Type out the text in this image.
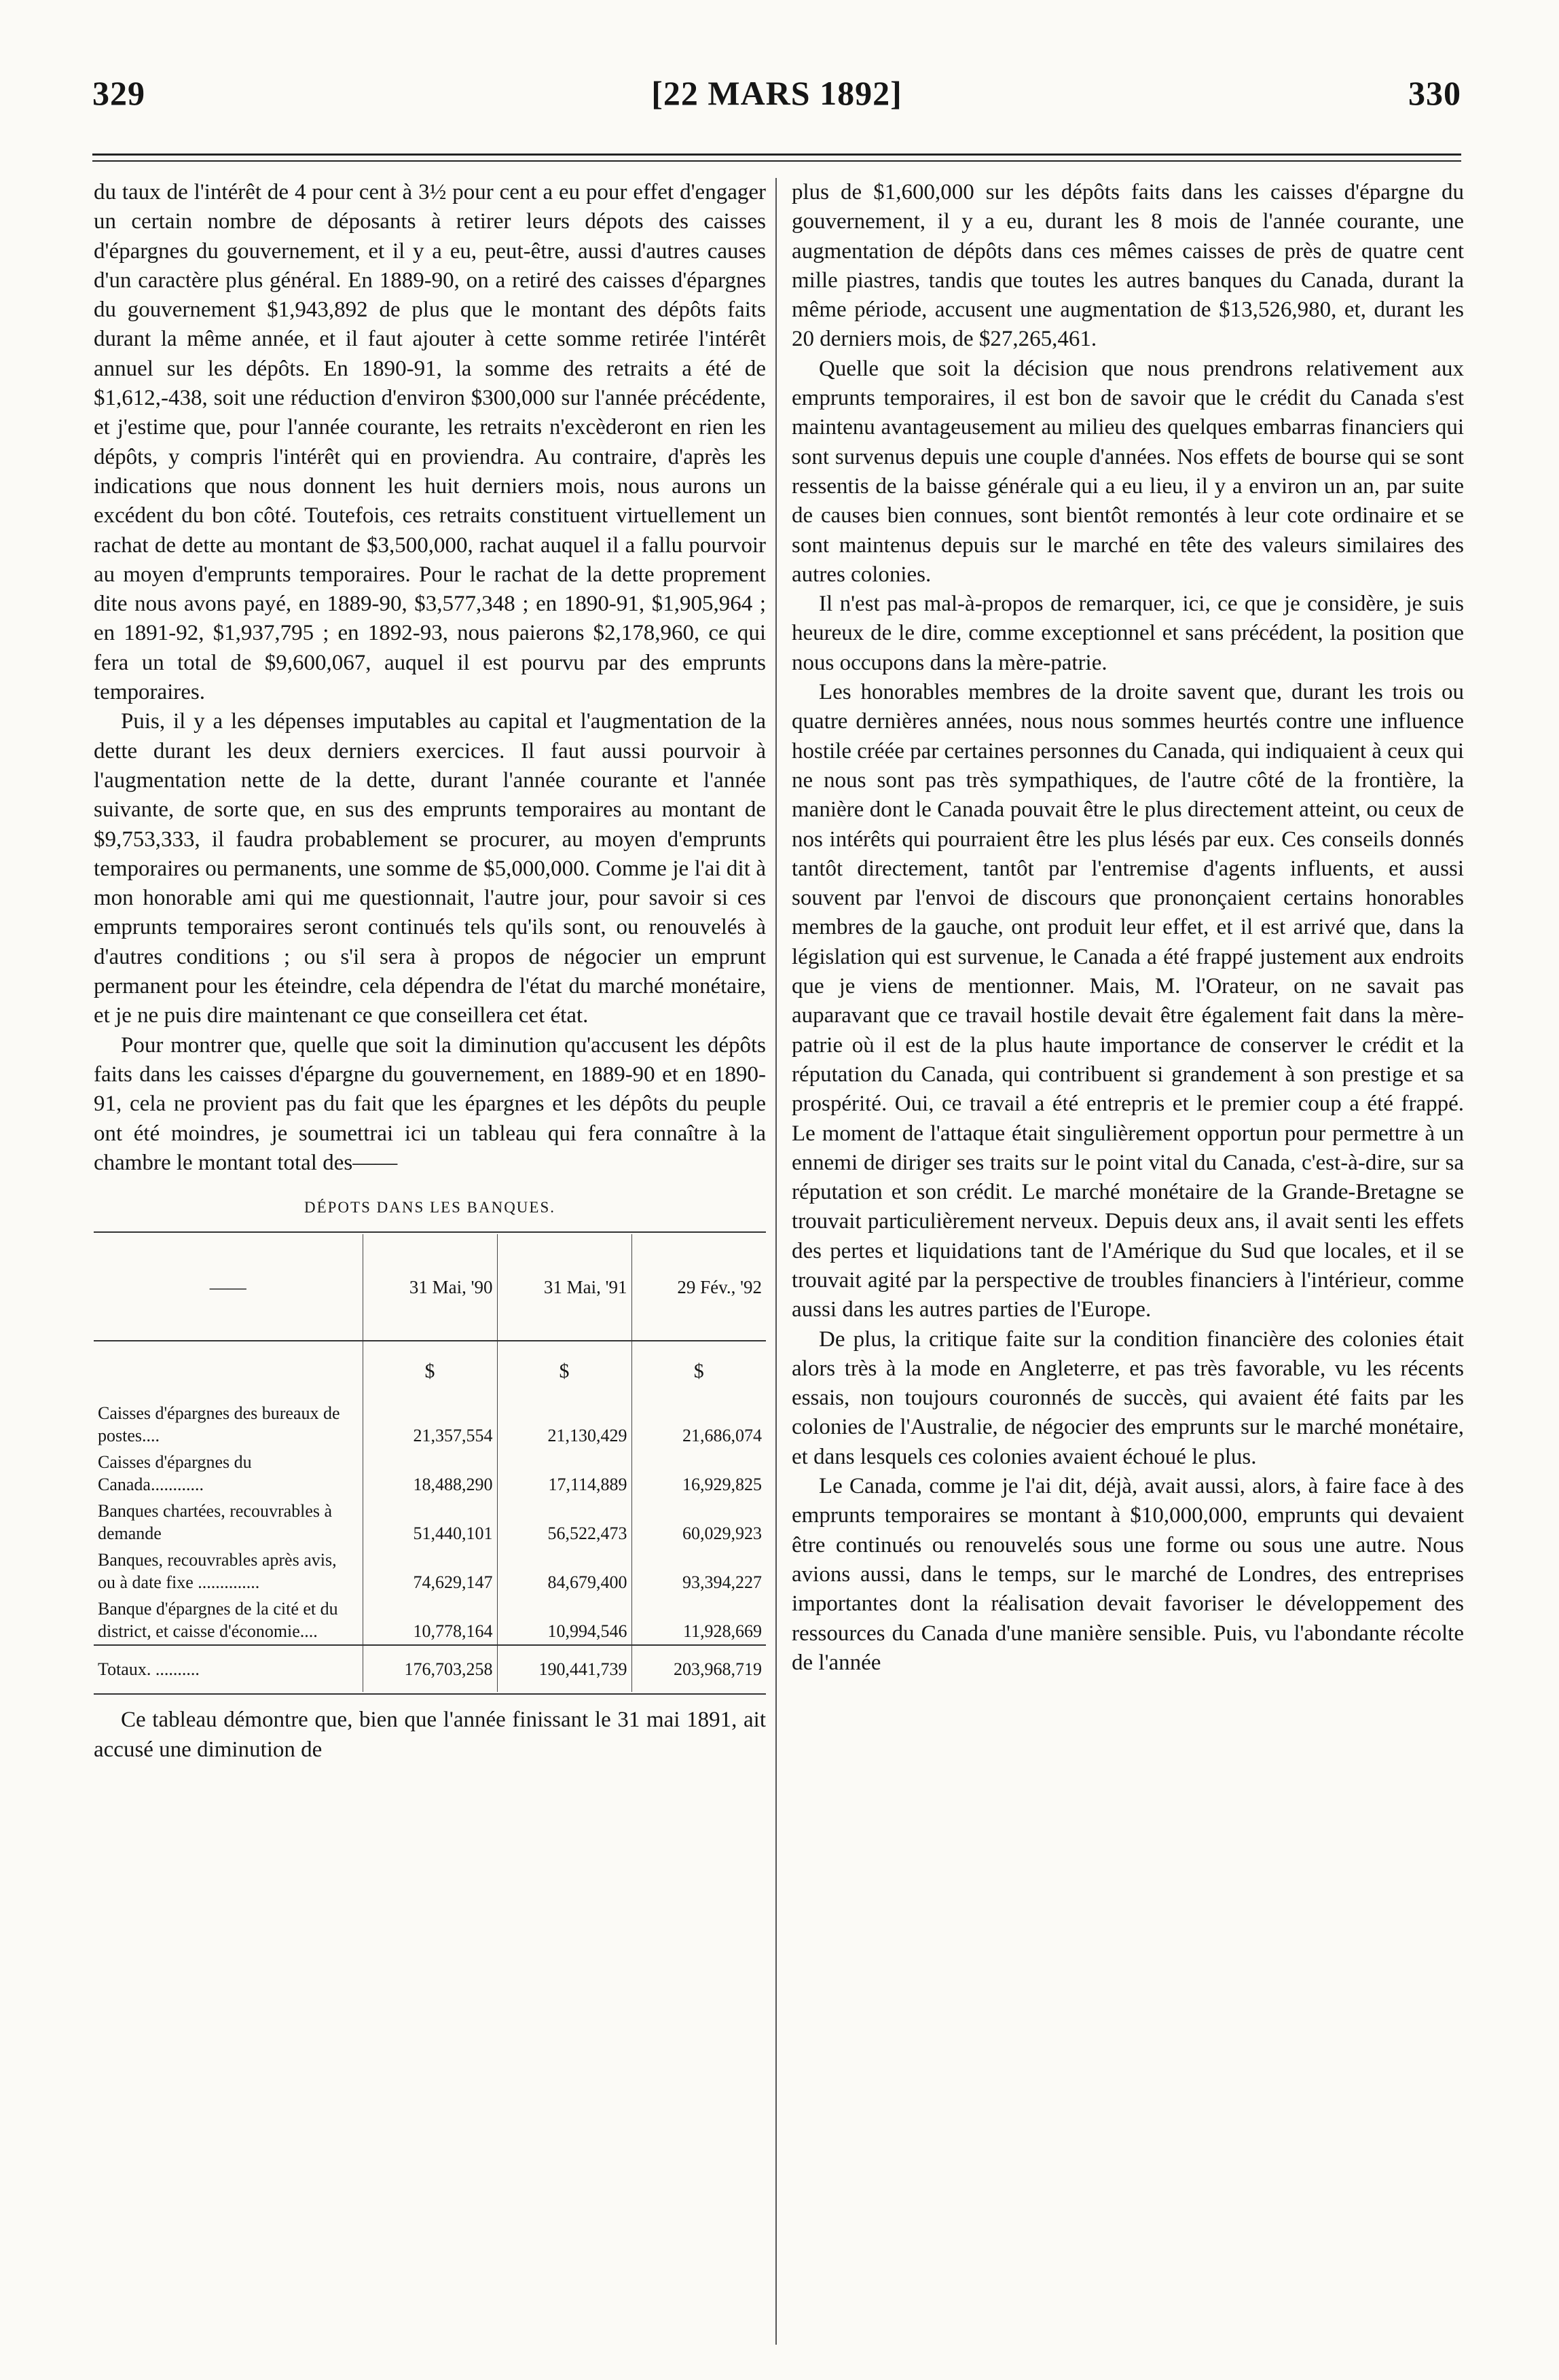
329	[22 MARS 1892]	330

du taux de l'intérêt de 4 pour cent à 3½ pour cent a eu pour effet d'engager un certain nombre de déposants à retirer leurs dépots des caisses d'épargnes du gouvernement, et il y a eu, peut-être, aussi d'autres causes d'un caractère plus général. En 1889-90, on a retiré des caisses d'épargnes du gouvernement $1,943,892 de plus que le montant des dépôts faits durant la même année, et il faut ajouter à cette somme retirée l'intérêt annuel sur les dépôts. En 1890-91, la somme des retraits a été de $1,612,-438, soit une réduction d'environ $300,000 sur l'année précédente, et j'estime que, pour l'année courante, les retraits n'excèderont en rien les dépôts, y compris l'intérêt qui en proviendra. Au contraire, d'après les indications que nous donnent les huit derniers mois, nous aurons un excédent du bon côté. Toutefois, ces retraits constituent virtuellement un rachat de dette au montant de $3,500,000, rachat auquel il a fallu pourvoir au moyen d'emprunts temporaires. Pour le rachat de la dette proprement dite nous avons payé, en 1889-90, $3,577,348 ; en 1890-91, $1,905,964 ; en 1891-92, $1,937,795 ; en 1892-93, nous paierons $2,178,960, ce qui fera un total de $9,600,067, auquel il est pourvu par des emprunts temporaires.

Puis, il y a les dépenses imputables au capital et l'augmentation de la dette durant les deux derniers exercices. Il faut aussi pourvoir à l'augmentation nette de la dette, durant l'année courante et l'année suivante, de sorte que, en sus des emprunts temporaires au montant de $9,753,333, il faudra probablement se procurer, au moyen d'emprunts temporaires ou permanents, une somme de $5,000,000. Comme je l'ai dit à mon honorable ami qui me questionnait, l'autre jour, pour savoir si ces emprunts temporaires seront continués tels qu'ils sont, ou renouvelés à d'autres conditions ; ou s'il sera à propos de négocier un emprunt permanent pour les éteindre, cela dépendra de l'état du marché monétaire, et je ne puis dire maintenant ce que conseillera cet état.

Pour montrer que, quelle que soit la diminution qu'accusent les dépôts faits dans les caisses d'épargne du gouvernement, en 1889-90 et en 1890-91, cela ne provient pas du fait que les épargnes et les dépôts du peuple ont été moindres, je soumettrai ici un tableau qui fera connaître à la chambre le montant total des——

DÉPOTS DANS LES BANQUES.
——	31 Mai, '90	31 Mai, '91	29 Fév., '92
	$	$	$
Caisses d'épargnes des bureaux de postes....	21,357,554	21,130,429	21,686,074
Caisses d'épargnes du Canada............	18,488,290	17,114,889	16,929,825
Banques chartées, recouvrables à demande	51,440,101	56,522,473	60,029,923
Banques, recouvrables après avis, ou à date fixe ..............	74,629,147	84,679,400	93,394,227
Banque d'épargnes de la cité et du district, et caisse d'économie....	10,778,164	10,994,546	11,928,669
Totaux. ..........	176,703,258	190,441,739	203,968,719

Ce tableau démontre que, bien que l'année finissant le 31 mai 1891, ait accusé une diminution de

plus de $1,600,000 sur les dépôts faits dans les caisses d'épargne du gouvernement, il y a eu, durant les 8 mois de l'année courante, une augmentation de dépôts dans ces mêmes caisses de près de quatre cent mille piastres, tandis que toutes les autres banques du Canada, durant la même période, accusent une augmentation de $13,526,980, et, durant les 20 derniers mois, de $27,265,461.

Quelle que soit la décision que nous prendrons relativement aux emprunts temporaires, il est bon de savoir que le crédit du Canada s'est maintenu avantageusement au milieu des quelques embarras financiers qui sont survenus depuis une couple d'années. Nos effets de bourse qui se sont ressentis de la baisse générale qui a eu lieu, il y a environ un an, par suite de causes bien connues, sont bientôt remontés à leur cote ordinaire et se sont maintenus depuis sur le marché en tête des valeurs similaires des autres colonies.

Il n'est pas mal-à-propos de remarquer, ici, ce que je considère, je suis heureux de le dire, comme exceptionnel et sans précédent, la position que nous occupons dans la mère-patrie.

Les honorables membres de la droite savent que, durant les trois ou quatre dernières années, nous nous sommes heurtés contre une influence hostile créée par certaines personnes du Canada, qui indiquaient à ceux qui ne nous sont pas très sympathiques, de l'autre côté de la frontière, la manière dont le Canada pouvait être le plus directement atteint, ou ceux de nos intérêts qui pourraient être les plus lésés par eux. Ces conseils donnés tantôt directement, tantôt par l'entremise d'agents influents, et aussi souvent par l'envoi de discours que prononçaient certains honorables membres de la gauche, ont produit leur effet, et il est arrivé que, dans la législation qui est survenue, le Canada a été frappé justement aux endroits que je viens de mentionner. Mais, M. l'Orateur, on ne savait pas auparavant que ce travail hostile devait être également fait dans la mère-patrie où il est de la plus haute importance de conserver le crédit et la réputation du Canada, qui contribuent si grandement à son prestige et sa prospérité. Oui, ce travail a été entrepris et le premier coup a été frappé. Le moment de l'attaque était singulièrement opportun pour permettre à un ennemi de diriger ses traits sur le point vital du Canada, c'est-à-dire, sur sa réputation et son crédit. Le marché monétaire de la Grande-Bretagne se trouvait particulièrement nerveux. Depuis deux ans, il avait senti les effets des pertes et liquidations tant de l'Amérique du Sud que locales, et il se trouvait agité par la perspective de troubles financiers à l'intérieur, comme aussi dans les autres parties de l'Europe.

De plus, la critique faite sur la condition financière des colonies était alors très à la mode en Angleterre, et pas très favorable, vu les récents essais, non toujours couronnés de succès, qui avaient été faits par les colonies de l'Australie, de négocier des emprunts sur le marché monétaire, et dans lesquels ces colonies avaient échoué le plus.

Le Canada, comme je l'ai dit, déjà, avait aussi, alors, à faire face à des emprunts temporaires se montant à $10,000,000, emprunts qui devaient être continués ou renouvelés sous une forme ou sous une autre. Nous avions aussi, dans le temps, sur le marché de Londres, des entreprises importantes dont la réalisation devait favoriser le développement des ressources du Canada d'une manière sensible. Puis, vu l'abondante récolte de l'année
